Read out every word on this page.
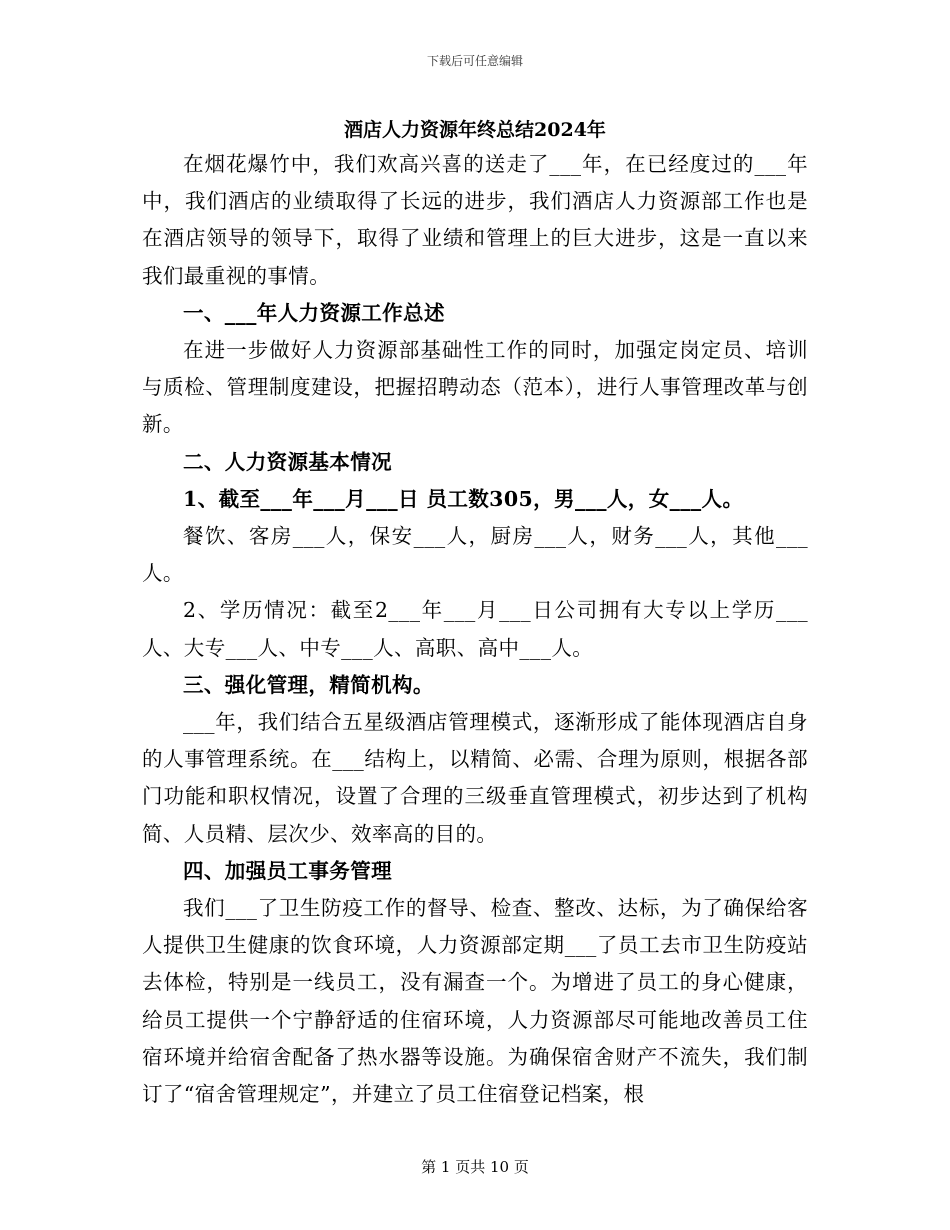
下载后可任意编辑
酒店人力资源年终总结2024年

在烟花爆竹中，我们欢高兴喜的送走了___年，在已经度过的___年中，我们酒店的业绩取得了长远的进步，我们酒店人力资源部工作也是在酒店领导的领导下，取得了业绩和管理上的巨大进步，这是一直以来我们最重视的事情。

一、___年人力资源工作总述

在进一步做好人力资源部基础性工作的同时，加强定岗定员、培训与质检、管理制度建设，把握招聘动态（范本），进行人事管理改革与创新。

二、人力资源基本情况

1、截至___年___月___日 员工数305，男___人，女___人。

餐饮、客房___人，保安___人，厨房___人，财务___人，其他___人。

2、学历情况：截至2___年___月___日公司拥有大专以上学历___人、大专___人、中专___人、高职、高中___人。

三、强化管理，精简机构。

___年，我们结合五星级酒店管理模式，逐渐形成了能体现酒店自身的人事管理系统。在___结构上，以精简、必需、合理为原则，根据各部门功能和职权情况，设置了合理的三级垂直管理模式，初步达到了机构简、人员精、层次少、效率高的目的。

四、加强员工事务管理

我们___了卫生防疫工作的督导、检查、整改、达标，为了确保给客人提供卫生健康的饮食环境，人力资源部定期___了员工去市卫生防疫站去体检，特别是一线员工，没有漏查一个。为增进了员工的身心健康，给员工提供一个宁静舒适的住宿环境，人力资源部尽可能地改善员工住宿环境并给宿舍配备了热水器等设施。为确保宿舍财产不流失，我们制订了“宿舍管理规定”，并建立了员工住宿登记档案，根

第 1 页共 10 页
